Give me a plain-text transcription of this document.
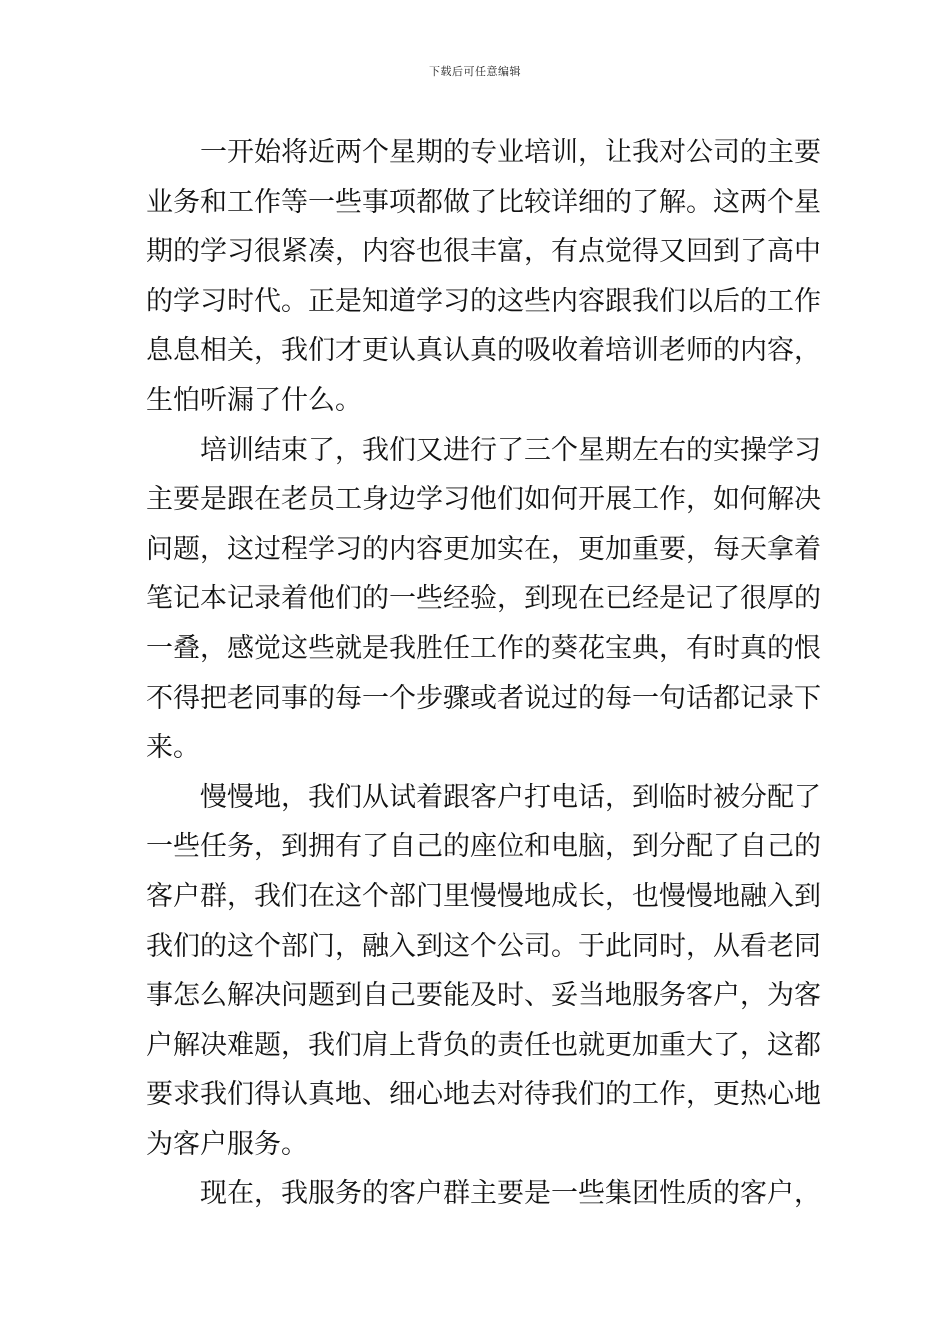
下载后可任意编辑
一开始将近两个星期的专业培训，让我对公司的主要
业务和工作等一些事项都做了比较详细的了解。这两个星
期的学习很紧凑，内容也很丰富，有点觉得又回到了高中
的学习时代。正是知道学习的这些内容跟我们以后的工作
息息相关，我们才更认真认真的吸收着培训老师的内容，
生怕听漏了什么。
培训结束了，我们又进行了三个星期左右的实操学习
主要是跟在老员工身边学习他们如何开展工作，如何解决
问题，这过程学习的内容更加实在，更加重要，每天拿着
笔记本记录着他们的一些经验，到现在已经是记了很厚的
一叠，感觉这些就是我胜任工作的葵花宝典，有时真的恨
不得把老同事的每一个步骤或者说过的每一句话都记录下
来。
慢慢地，我们从试着跟客户打电话，到临时被分配了
一些任务，到拥有了自己的座位和电脑，到分配了自己的
客户群，我们在这个部门里慢慢地成长，也慢慢地融入到
我们的这个部门，融入到这个公司。于此同时，从看老同
事怎么解决问题到自己要能及时、妥当地服务客户，为客
户解决难题，我们肩上背负的责任也就更加重大了，这都
要求我们得认真地、细心地去对待我们的工作，更热心地
为客户服务。
现在，我服务的客户群主要是一些集团性质的客户，
